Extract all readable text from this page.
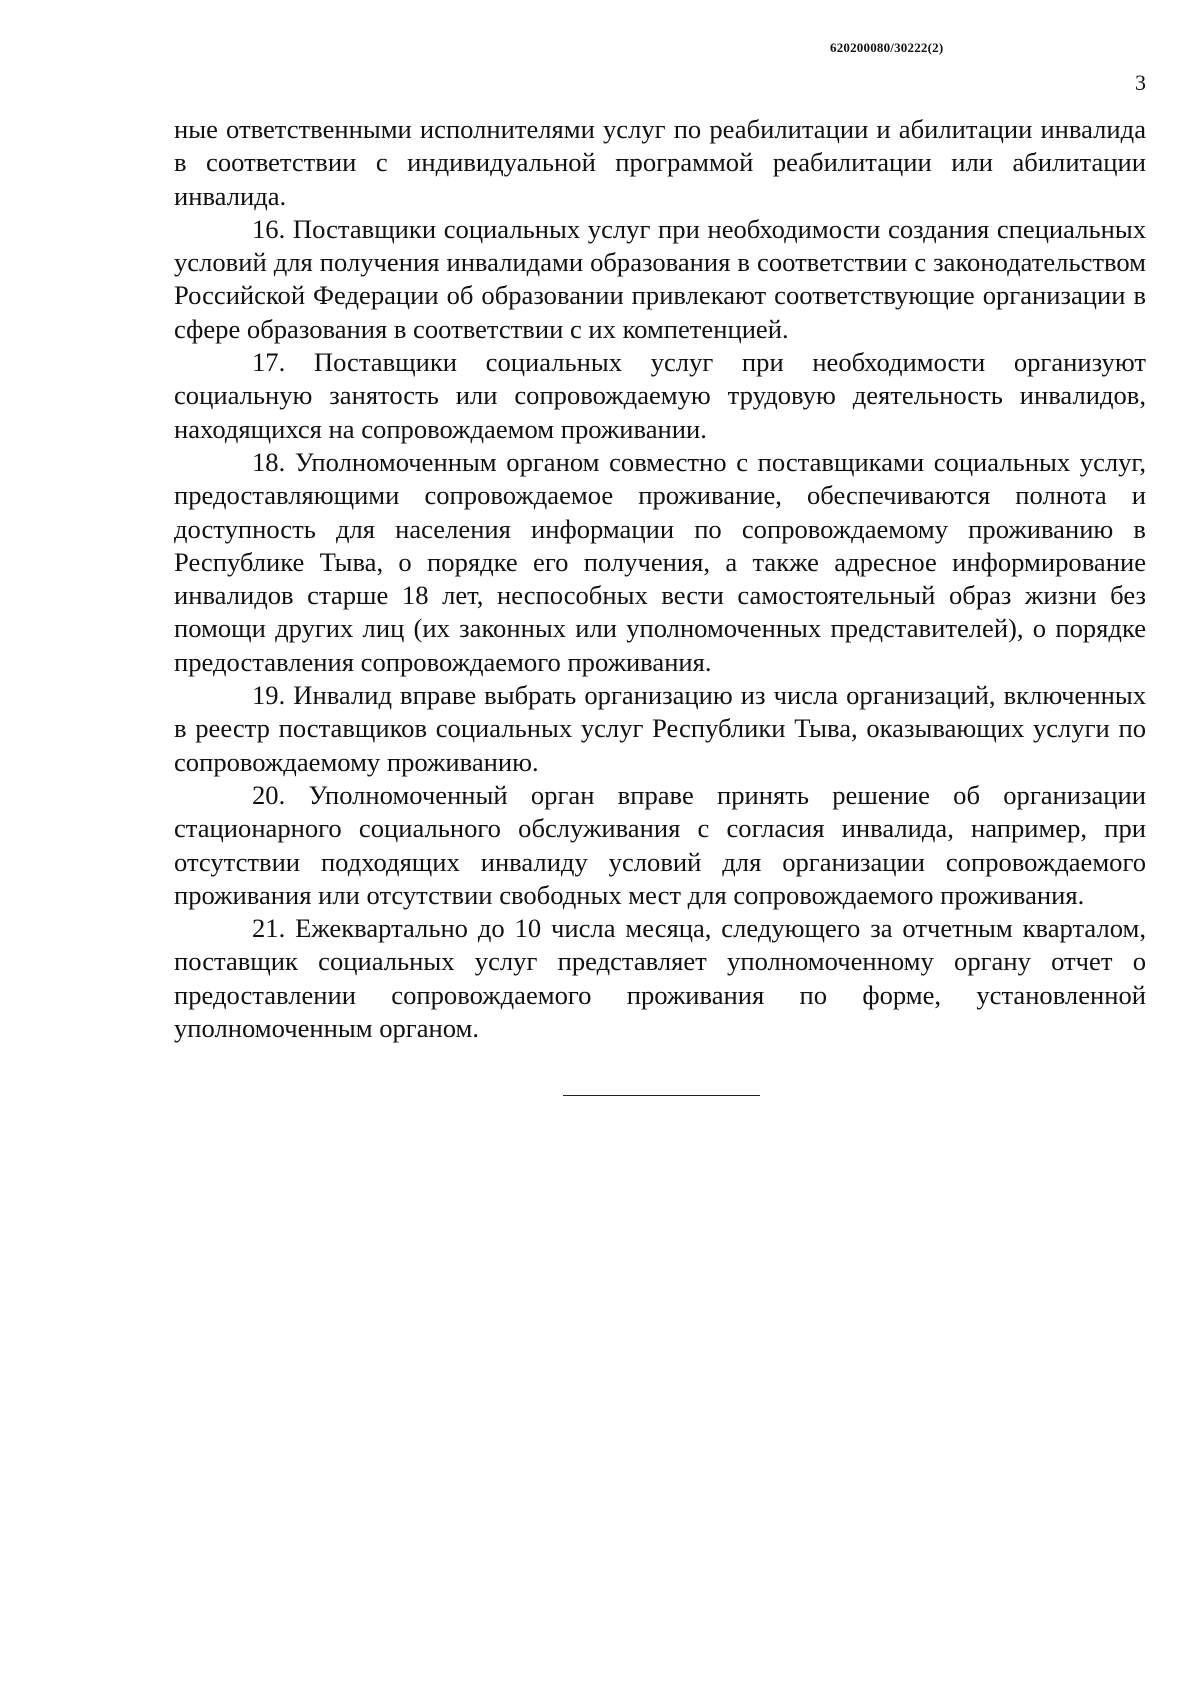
620200080/30222(2)
3

ные ответственными исполнителями услуг по реабилитации и абилитации инвалида в соответствии с индивидуальной программой реабилитации или абилитации инвалида.

16. Поставщики социальных услуг при необходимости создания специальных условий для получения инвалидами образования в соответствии с законодательством Российской Федерации об образовании привлекают соответствующие организации в сфере образования в соответствии с их компетенцией.

17. Поставщики социальных услуг при необходимости организуют социальную занятость или сопровождаемую трудовую деятельность инвалидов, находящихся на сопровождаемом проживании.

18. Уполномоченным органом совместно с поставщиками социальных услуг, предоставляющими сопровождаемое проживание, обеспечиваются полнота и доступность для населения информации по сопровождаемому проживанию в Республике Тыва, о порядке его получения, а также адресное информирование инвалидов старше 18 лет, неспособных вести самостоятельный образ жизни без помощи других лиц (их законных или уполномоченных представителей), о порядке предоставления сопровождаемого проживания.

19. Инвалид вправе выбрать организацию из числа организаций, включенных в реестр поставщиков социальных услуг Республики Тыва, оказывающих услуги по сопровождаемому проживанию.

20. Уполномоченный орган вправе принять решение об организации стационарного социального обслуживания с согласия инвалида, например, при отсутствии подходящих инвалиду условий для организации сопровождаемого проживания или отсутствии свободных мест для сопровождаемого проживания.

21. Ежеквартально до 10 числа месяца, следующего за отчетным кварталом, поставщик социальных услуг представляет уполномоченному органу отчет о предоставлении сопровождаемого проживания по форме, установленной уполномоченным органом.
